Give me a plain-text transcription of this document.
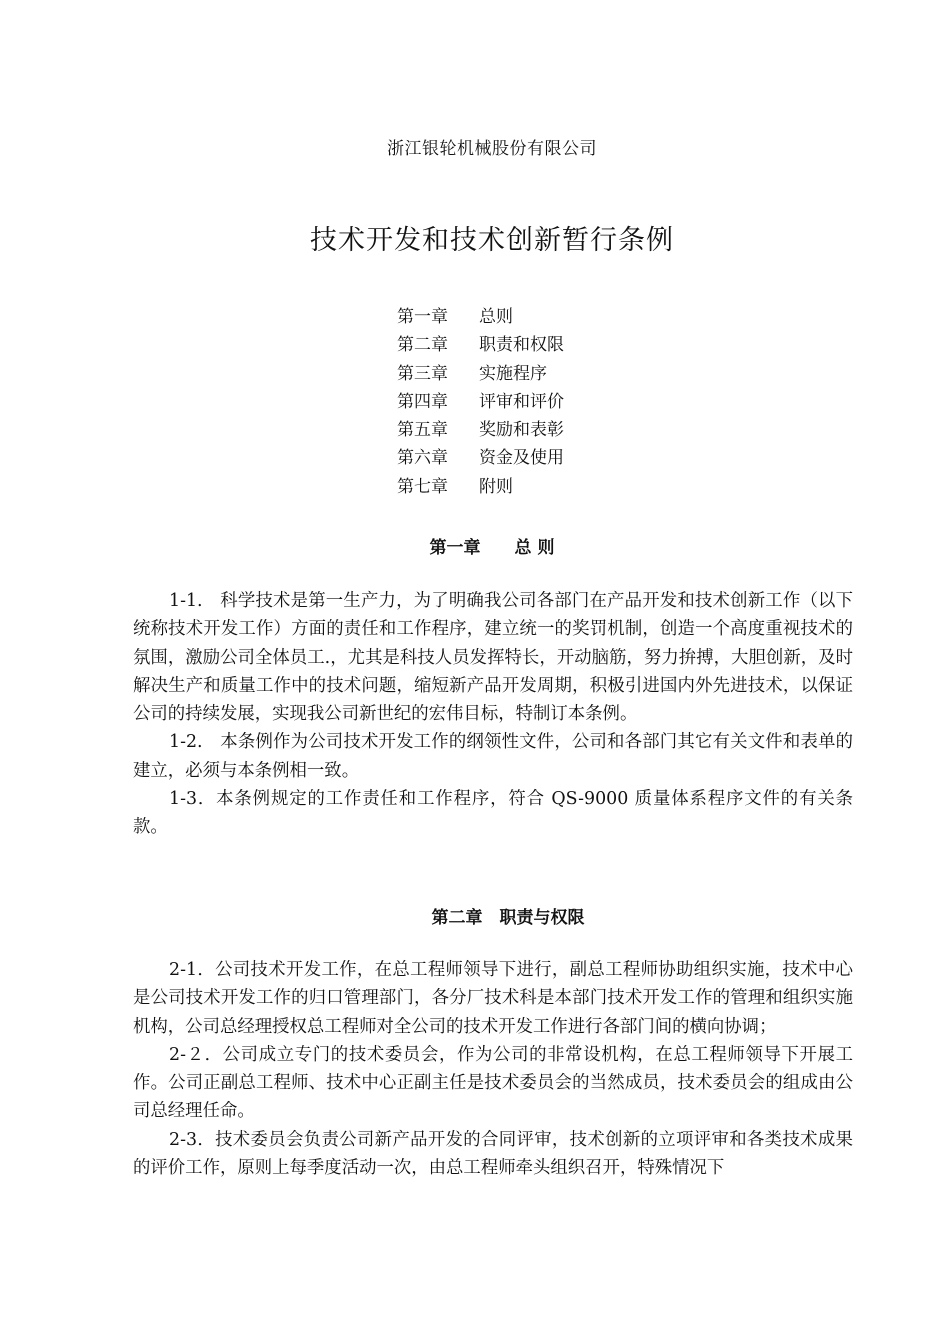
浙江银轮机械股份有限公司
技术开发和技术创新暂行条例
第一章 总则
第二章 职责和权限
第三章 实施程序
第四章 评审和评价
第五章 奖励和表彰
第六章 资金及使用
第七章 附则
第一章　　总 则

1-1.　科学技术是第一生产力，为了明确我公司各部门在产品开发和技术创新工作（以下统称技术开发工作）方面的责任和工作程序，建立统一的奖罚机制，创造一个高度重视技术的氛围，激励公司全体员工.，尤其是科技人员发挥特长，开动脑筋，努力拚搏，大胆创新，及时解决生产和质量工作中的技术问题，缩短新产品开发周期，积极引进国内外先进技术，以保证公司的持续发展，实现我公司新世纪的宏伟目标，特制订本条例。

1-2.　本条例作为公司技术开发工作的纲领性文件，公司和各部门其它有关文件和表单的建立，必须与本条例相一致。

1-3．本条例规定的工作责任和工作程序，符合 QS-9000 质量体系程序文件的有关条款。

第二章　职责与权限

2-1．公司技术开发工作，在总工程师领导下进行，副总工程师协助组织实施，技术中心是公司技术开发工作的归口管理部门，各分厂技术科是本部门技术开发工作的管理和组织实施机构，公司总经理授权总工程师对全公司的技术开发工作进行各部门间的横向协调；

2-２．公司成立专门的技术委员会，作为公司的非常设机构，在总工程师领导下开展工作。公司正副总工程师、技术中心正副主任是技术委员会的当然成员，技术委员会的组成由公司总经理任命。

2-3．技术委员会负责公司新产品开发的合同评审，技术创新的立项评审和各类技术成果的评价工作，原则上每季度活动一次，由总工程师牵头组织召开，特殊情况下
